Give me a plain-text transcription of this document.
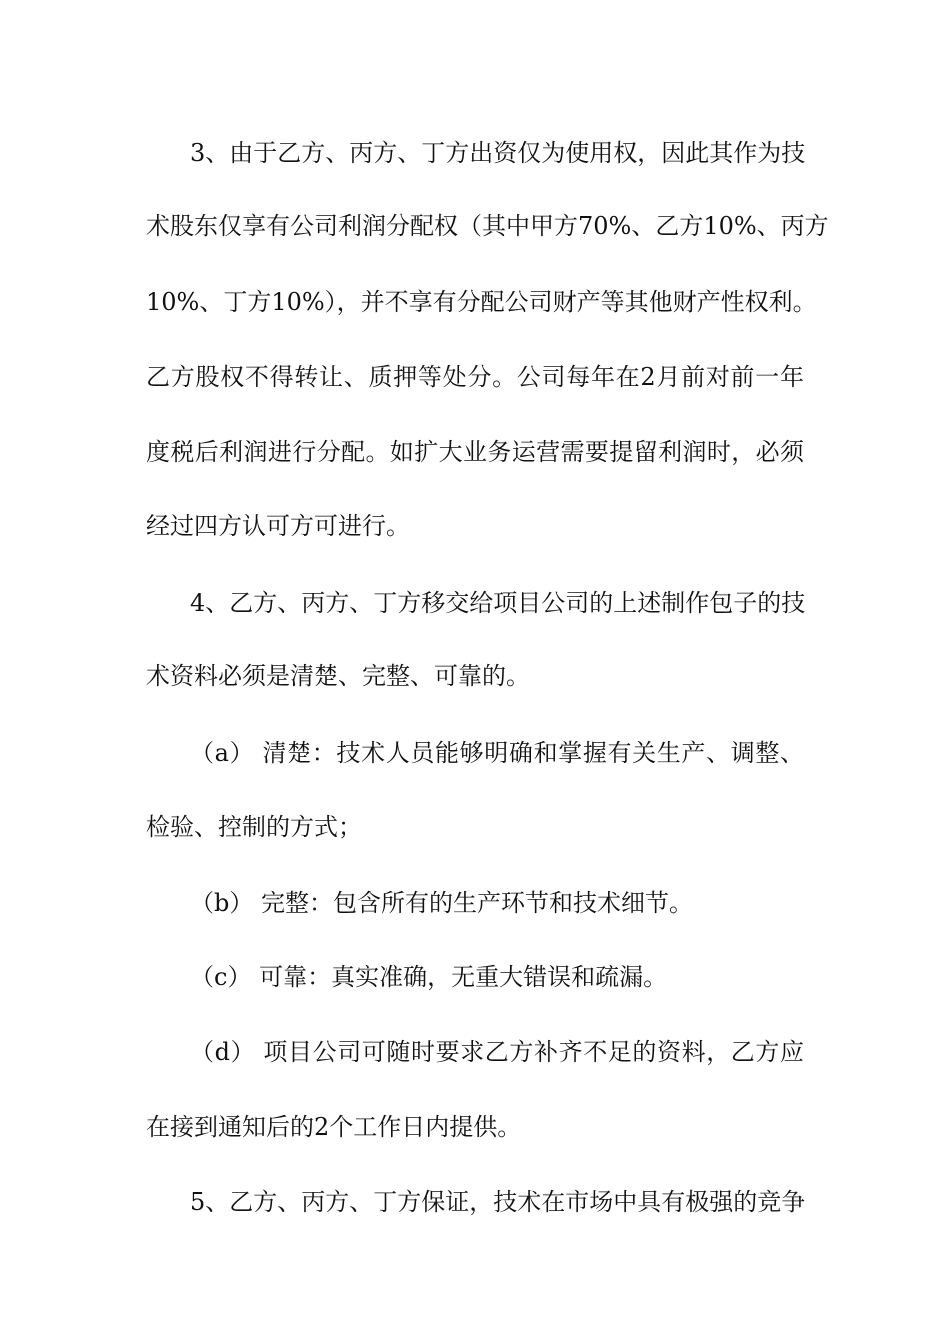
3、由于乙方、丙方、丁方出资仅为使用权，因此其作为技
术股东仅享有公司利润分配权（其中甲方70%、乙方10%、丙方
10%、丁方10%），并不享有分配公司财产等其他财产性权利。
乙方股权不得转让、质押等处分。公司每年在2月前对前一年
度税后利润进行分配。如扩大业务运营需要提留利润时，必须
经过四方认可方可进行。
4、乙方、丙方、丁方移交给项目公司的上述制作包子的技
术资料必须是清楚、完整、可靠的。
（a） 清楚：技术人员能够明确和掌握有关生产、调整、
检验、控制的方式；
（b） 完整：包含所有的生产环节和技术细节。
（c） 可靠：真实准确，无重大错误和疏漏。
（d） 项目公司可随时要求乙方补齐不足的资料，乙方应
在接到通知后的2个工作日内提供。
5、乙方、丙方、丁方保证，技术在市场中具有极强的竞争
